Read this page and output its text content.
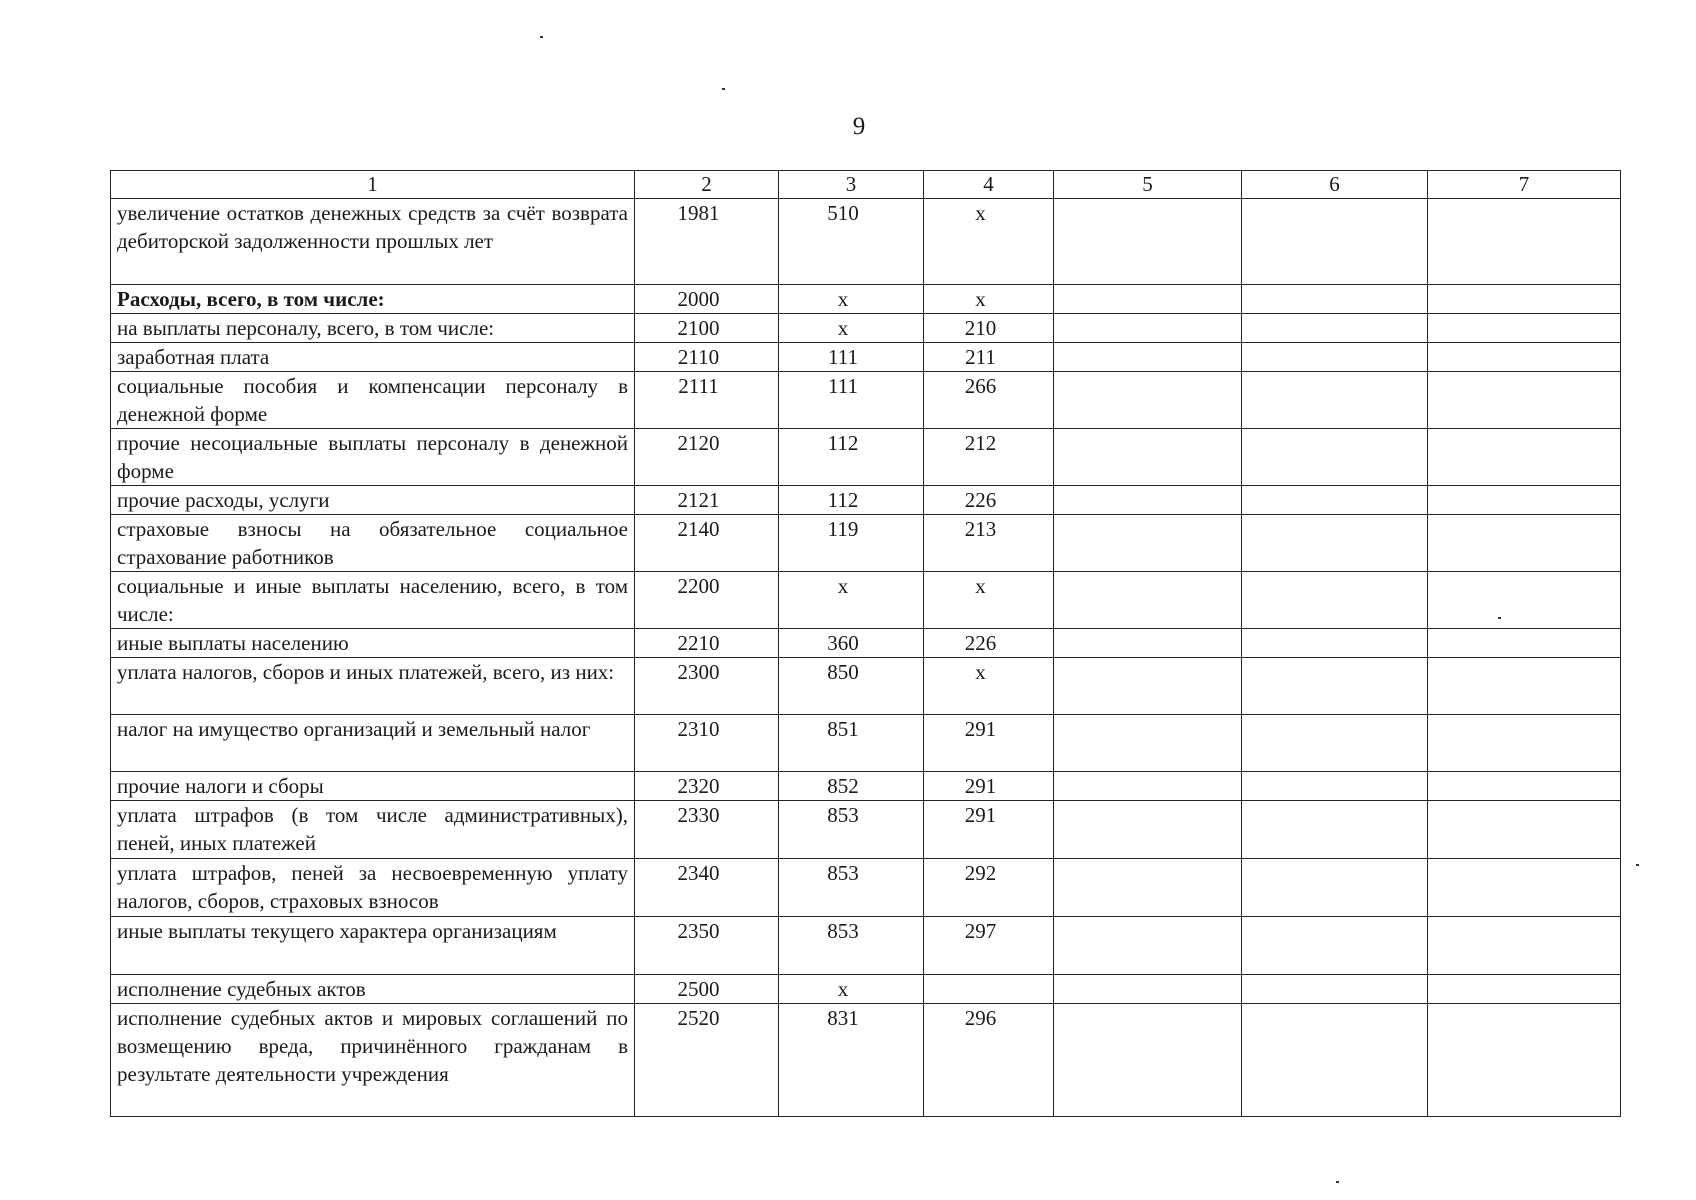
9
1	2	3	4	5	6	7
увеличение остатков денежных средств за счёт возврата дебиторской задолженности прошлых лет	1981	510	x			
Расходы, всего, в том числе:	2000	x	x			
на выплаты персоналу, всего, в том числе:	2100	x	210			
заработная плата	2110	111	211			
социальные пособия и компенсации персоналу в денежной форме	2111	111	266			
прочие несоциальные выплаты персоналу в денежной форме	2120	112	212			
прочие расходы, услуги	2121	112	226			
страховые взносы на обязательное социальное страхование работников	2140	119	213			
социальные и иные выплаты населению, всего, в том числе:	2200	x	x			
иные выплаты населению	2210	360	226			
уплата налогов, сборов и иных платежей, всего, из них:	2300	850	x			
налог на имущество организаций и земельный налог	2310	851	291			
прочие налоги и сборы	2320	852	291			
уплата штрафов (в том числе административных), пеней, иных платежей	2330	853	291			
уплата штрафов, пеней за несвоевременную уплату налогов, сборов, страховых взносов	2340	853	292			
иные выплаты текущего характера организациям	2350	853	297			
исполнение судебных актов	2500	x				
исполнение судебных актов и мировых соглашений по возмещению вреда, причинённого гражданам в результате деятельности учреждения	2520	831	296			
